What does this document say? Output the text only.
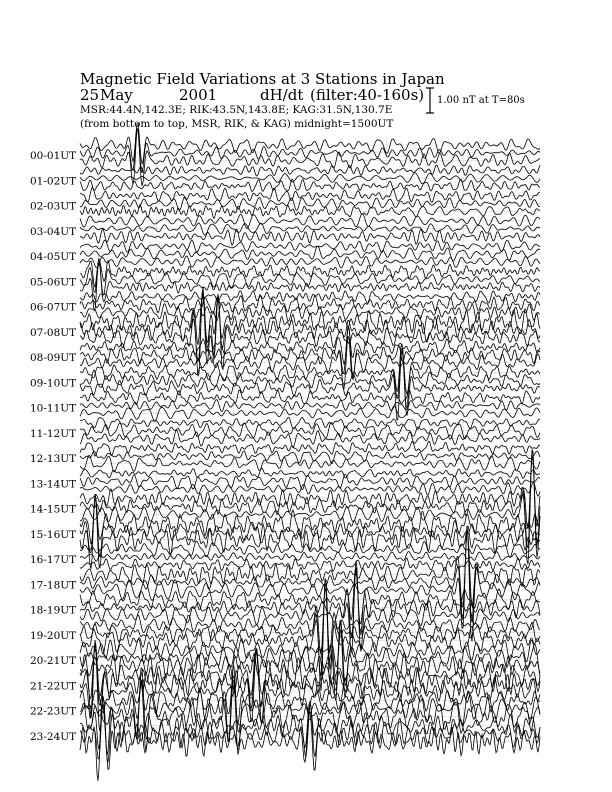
Magnetic Field Variations at 3 Stations in Japan
25 May	2001	dH/dt (filter:40-160s)
MSR:44.4N,142.3E; RIK:43.5N,143.8E; KAG:31.5N,130.7E
(from bottom to top, MSR, RIK, & KAG) midnight=1500UT
1.00 nT at T=80s
00-01UT
01-02UT
02-03UT
03-04UT
04-05UT
05-06UT
06-07UT
07-08UT
08-09UT
09-10UT
10-11UT
11-12UT
12-13UT
13-14UT
14-15UT
15-16UT
16-17UT
17-18UT
18-19UT
19-20UT
20-21UT
21-22UT
22-23UT
23-24UT
